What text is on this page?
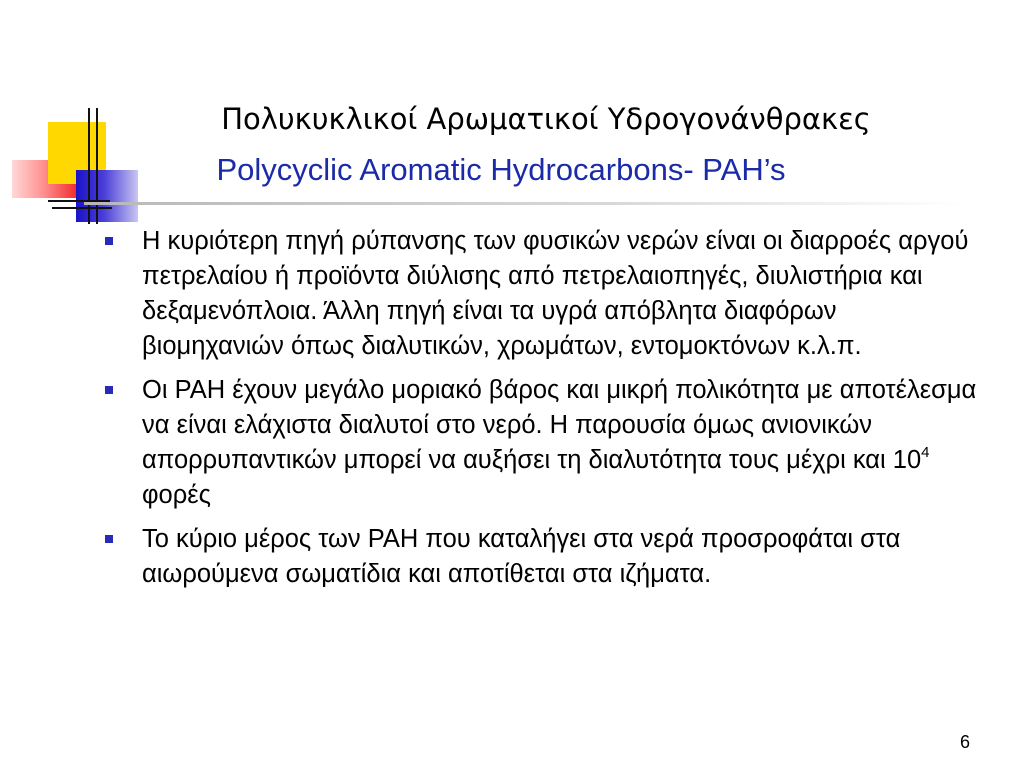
Πολυκυκλικοί Αρωματικοί Υδρογονάνθρακες
Polycyclic Aromatic Hydrocarbons- PAH’s
Η κυριότερη πηγή ρύπανσης των φυσικών νερών είναι οι διαρροές αργού πετρελαίου ή προϊόντα διύλισης από πετρελαιοπηγές, διυλιστήρια και δεξαμενόπλοια. Άλλη πηγή είναι τα υγρά απόβλητα διαφόρων βιομηχανιών όπως διαλυτικών, χρωμάτων, εντομοκτόνων κ.λ.π.
Οι PAH έχουν μεγάλο μοριακό βάρος και μικρή πολικότητα με αποτέλεσμα να είναι ελάχιστα διαλυτοί στο νερό. Η παρουσία όμως ανιονικών απορρυπαντικών μπορεί να αυξήσει τη διαλυτότητα τους μέχρι και $10^4$ φορές
Το κύριο μέρος των PAH που καταλήγει στα νερά προσροφάται στα αιωρούμενα σωματίδια και αποτίθεται στα ιζήματα.
6
